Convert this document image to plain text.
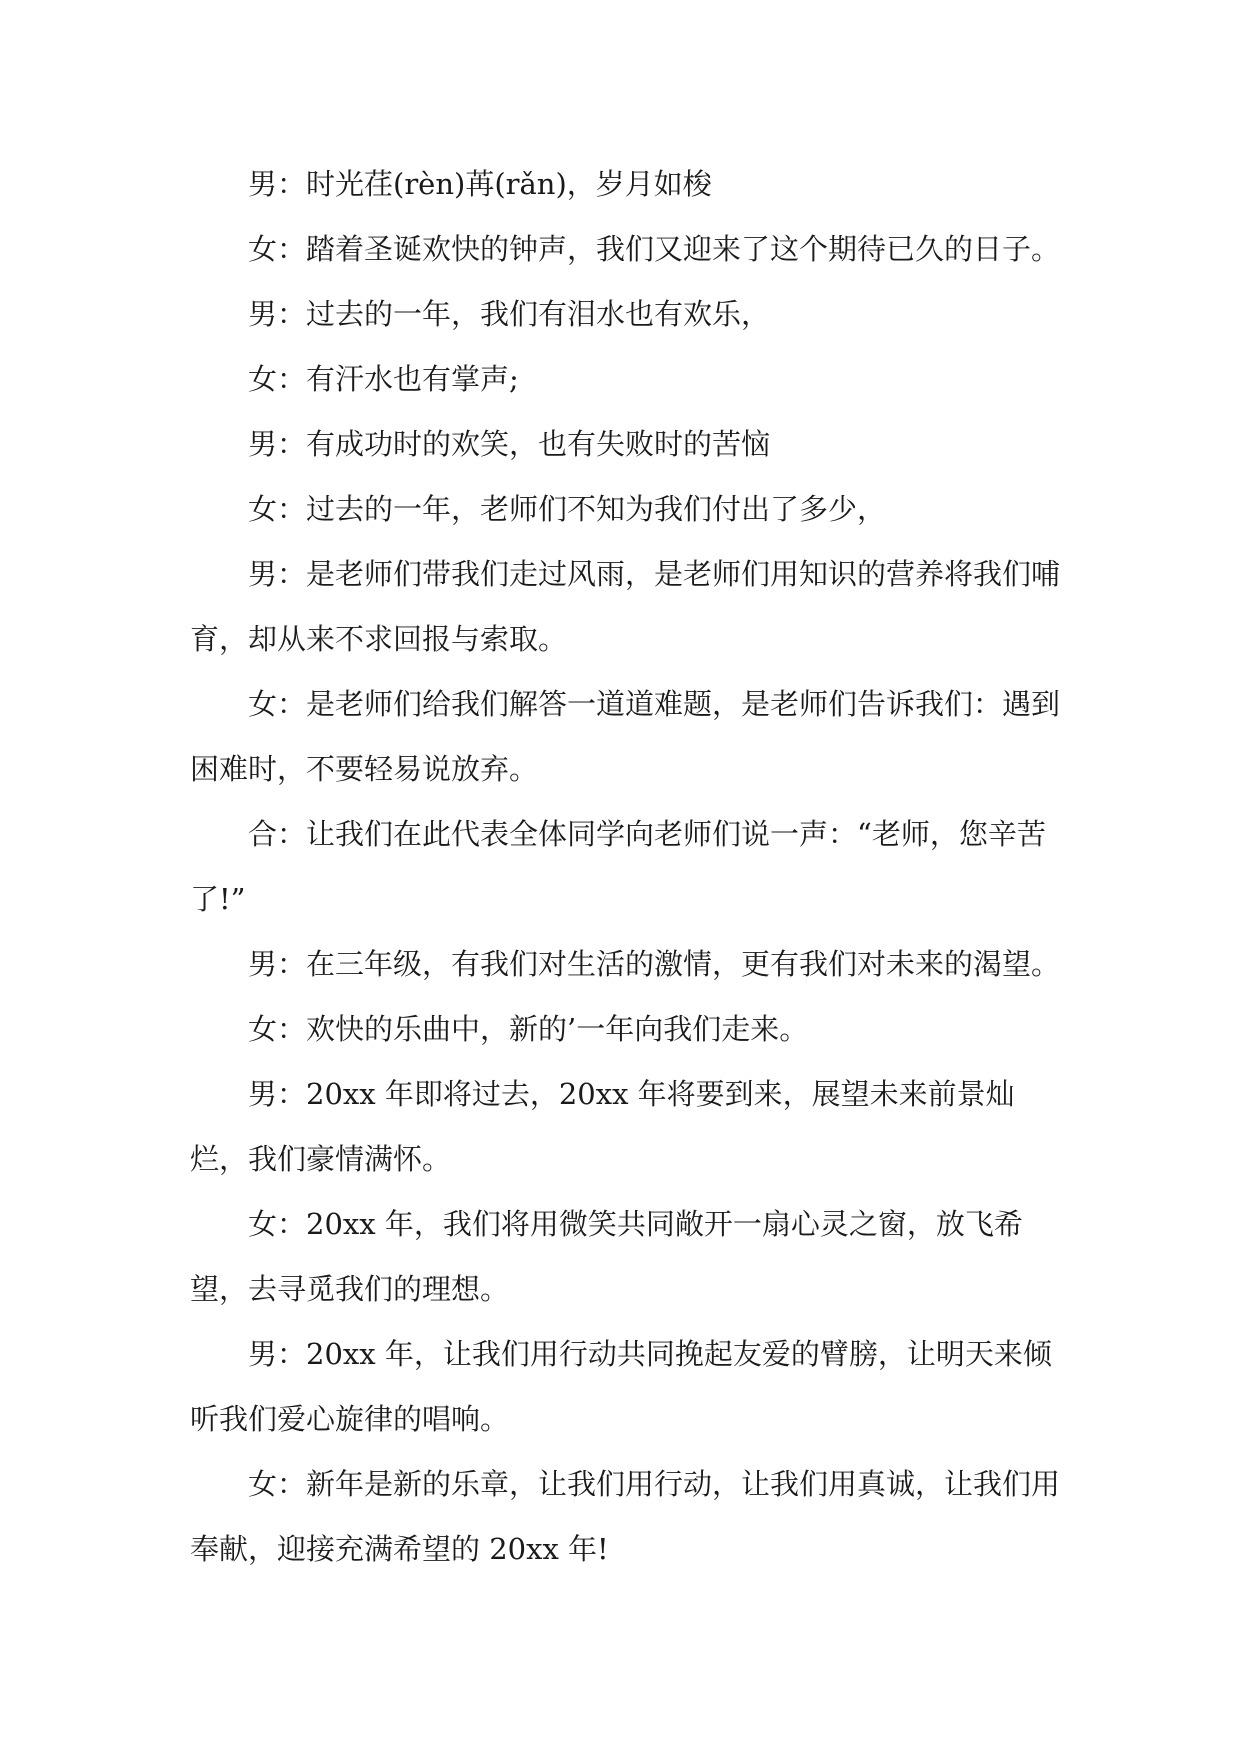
男：时光荏(rèn)苒(rǎn)，岁月如梭

女：踏着圣诞欢快的钟声，我们又迎来了这个期待已久的日子。

男：过去的一年，我们有泪水也有欢乐，

女：有汗水也有掌声;

男：有成功时的欢笑，也有失败时的苦恼

女：过去的一年，老师们不知为我们付出了多少，

男：是老师们带我们走过风雨，是老师们用知识的营养将我们哺育，却从来不求回报与索取。

女：是老师们给我们解答一道道难题，是老师们告诉我们：遇到困难时，不要轻易说放弃。

合：让我们在此代表全体同学向老师们说一声：“老师，您辛苦了!”

男：在三年级，有我们对生活的激情，更有我们对未来的渴望。

女：欢快的乐曲中，新的’一年向我们走来。

男：20xx 年即将过去，20xx 年将要到来，展望未来前景灿烂，我们豪情满怀。

女：20xx 年，我们将用微笑共同敞开一扇心灵之窗，放飞希望，去寻觅我们的理想。

男：20xx 年，让我们用行动共同挽起友爱的臂膀，让明天来倾听我们爱心旋律的唱响。

女：新年是新的乐章，让我们用行动，让我们用真诚，让我们用奉献，迎接充满希望的 20xx 年!
